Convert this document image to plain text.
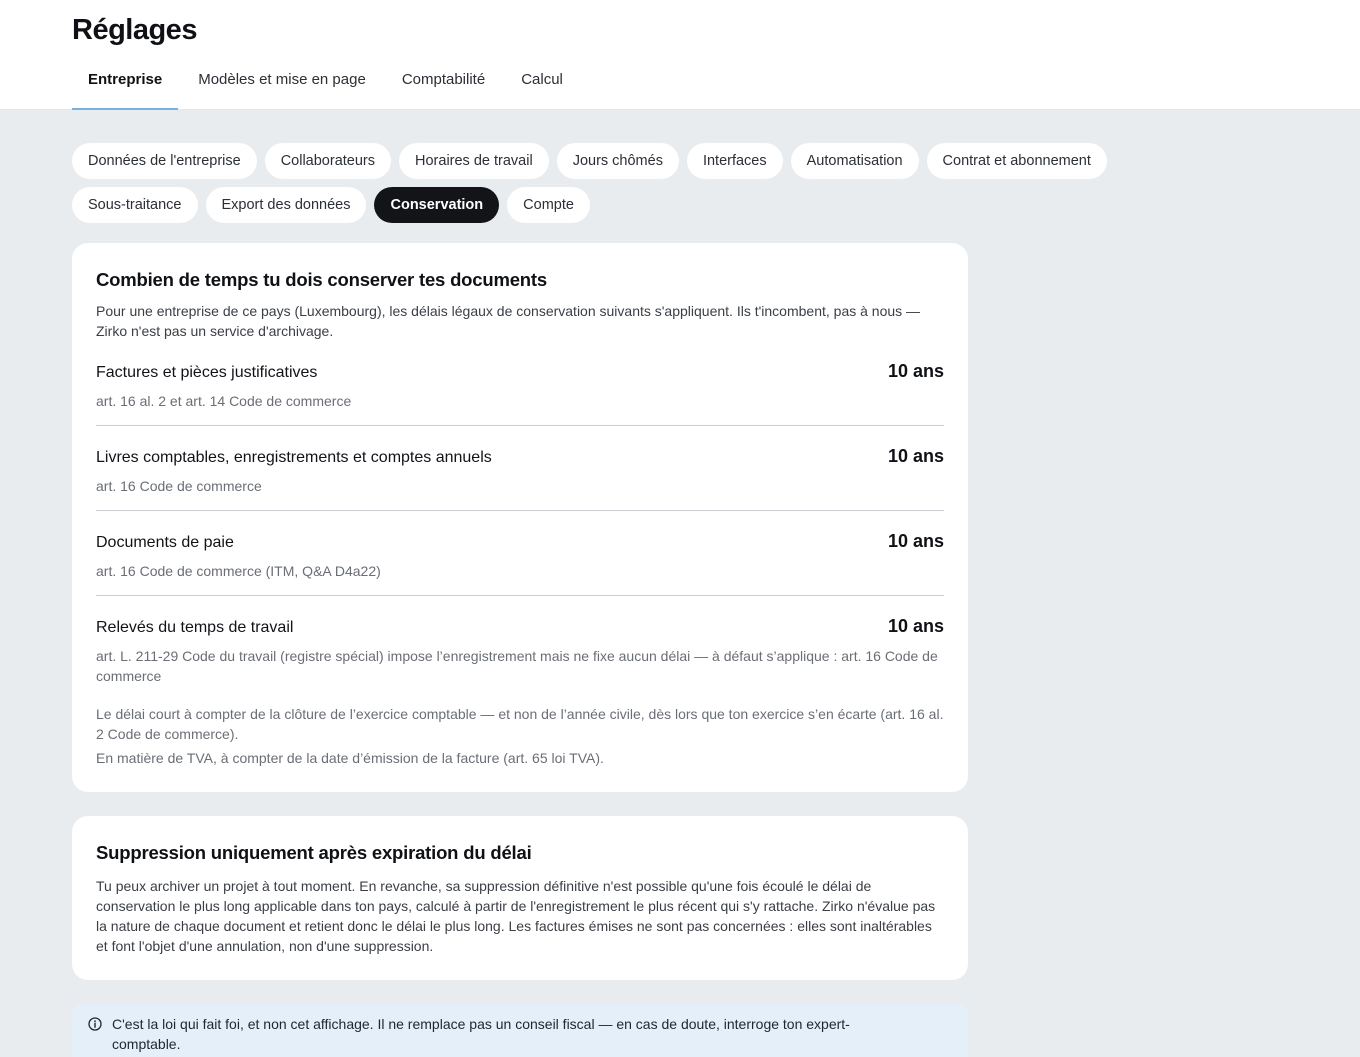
Réglages
Entreprise	Modèles et mise en page	Comptabilité	Calcul
Données de l'entreprise	Collaborateurs	Horaires de travail	Jours chômés	Interfaces	Automatisation	Contrat et abonnement
Sous-traitance	Export des données	Conservation	Compte
Combien de temps tu dois conserver tes documents

Pour une entreprise de ce pays (Luxembourg), les délais légaux de conservation suivants s'appliquent. Ils t'incombent, pas à nous — Zirko n'est pas un service d'archivage.

Factures et pièces justificatives	10 ans
art. 16 al. 2 et art. 14 Code de commerce
Livres comptables, enregistrements et comptes annuels	10 ans
art. 16 Code de commerce
Documents de paie	10 ans
art. 16 Code de commerce (ITM, Q&A D4a22)
Relevés du temps de travail	10 ans
art. L. 211-29 Code du travail (registre spécial) impose l’enregistrement mais ne fixe aucun délai — à défaut s’applique : art. 16 Code de commerce

Le délai court à compter de la clôture de l’exercice comptable — et non de l’année civile, dès lors que ton exercice s’en écarte (art. 16 al. 2 Code de commerce).

En matière de TVA, à compter de la date d’émission de la facture (art. 65 loi TVA).

Suppression uniquement après expiration du délai

Tu peux archiver un projet à tout moment. En revanche, sa suppression définitive n'est possible qu'une fois écoulé le délai de conservation le plus long applicable dans ton pays, calculé à partir de l'enregistrement le plus récent qui s'y rattache. Zirko n'évalue pas la nature de chaque document et retient donc le délai le plus long. Les factures émises ne sont pas concernées : elles sont inaltérables et font l'objet d'une annulation, non d'une suppression.

C'est la loi qui fait foi, et non cet affichage. Il ne remplace pas un conseil fiscal — en cas de doute, interroge ton expert-comptable.
